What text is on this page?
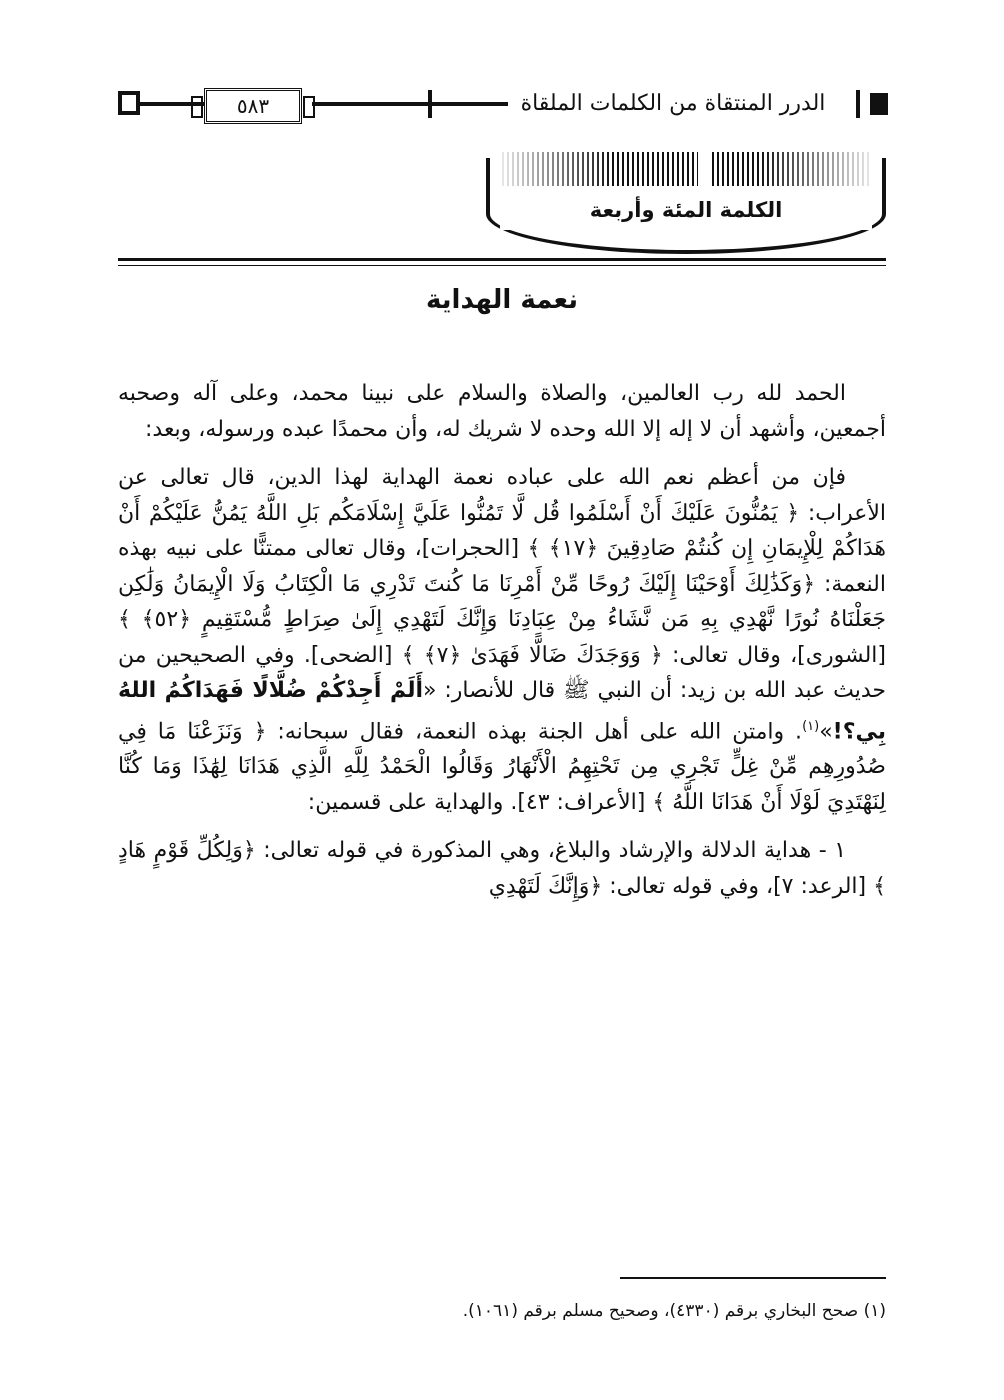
٥٨٣	الدرر المنتقاة من الكلمات الملقاة
الكلمة المئة وأربعة
نعمة الهداية

الحمد لله رب العالمين، والصلاة والسلام على نبينا محمد، وعلى آله وصحبه أجمعين، وأشهد أن لا إله إلا الله وحده لا شريك له، وأن محمدًا عبده ورسوله، وبعد:

فإن من أعظم نعم الله على عباده نعمة الهداية لهذا الدين، قال تعالى عن الأعراب: ﴿ يَمُنُّونَ عَلَيْكَ أَنْ أَسْلَمُوا قُل لَّا تَمُنُّوا عَلَيَّ إِسْلَامَكُم بَلِ اللَّهُ يَمُنُّ عَلَيْكُمْ أَنْ هَدَاكُمْ لِلْإِيمَانِ إِن كُنتُمْ صَادِقِينَ ﴿١٧﴾ ﴾ [الحجرات]، وقال تعالى ممتنًّا على نبيه بهذه النعمة: ﴿وَكَذَٰلِكَ أَوْحَيْنَا إِلَيْكَ رُوحًا مِّنْ أَمْرِنَا مَا كُنتَ تَدْرِي مَا الْكِتَابُ وَلَا الْإِيمَانُ وَلَٰكِن جَعَلْنَاهُ نُورًا نَّهْدِي بِهِ مَن نَّشَاءُ مِنْ عِبَادِنَا وَإِنَّكَ لَتَهْدِي إِلَىٰ صِرَاطٍ مُّسْتَقِيمٍ ﴿٥٢﴾ ﴾ [الشورى]، وقال تعالى: ﴿ وَوَجَدَكَ ضَالًّا فَهَدَىٰ ﴿٧﴾ ﴾ [الضحى]. وفي الصحيحين من حديث عبد الله بن زيد: أن النبي ﷺ قال للأنصار: «أَلَمْ أَجِدْكُمْ ضُلَّالًا فَهَدَاكُمُ اللهُ بِي؟!»$^{(١)}$. وامتن الله على أهل الجنة بهذه النعمة، فقال سبحانه: ﴿ وَنَزَعْنَا مَا فِي صُدُورِهِم مِّنْ غِلٍّ تَجْرِي مِن تَحْتِهِمُ الْأَنْهَارُ وَقَالُوا الْحَمْدُ لِلَّهِ الَّذِي هَدَانَا لِهَٰذَا وَمَا كُنَّا لِنَهْتَدِيَ لَوْلَا أَنْ هَدَانَا اللَّهُ ﴾ [الأعراف: ٤٣]. والهداية على قسمين:

١ - هداية الدلالة والإرشاد والبلاغ، وهي المذكورة في قوله تعالى: ﴿وَلِكُلِّ قَوْمٍ هَادٍ ﴾ [الرعد: ٧]، وفي قوله تعالى: ﴿وَإِنَّكَ لَتَهْدِي

(١) صحح البخاري برقم (٤٣٣٠)، وصحيح مسلم برقم (١٠٦١).
